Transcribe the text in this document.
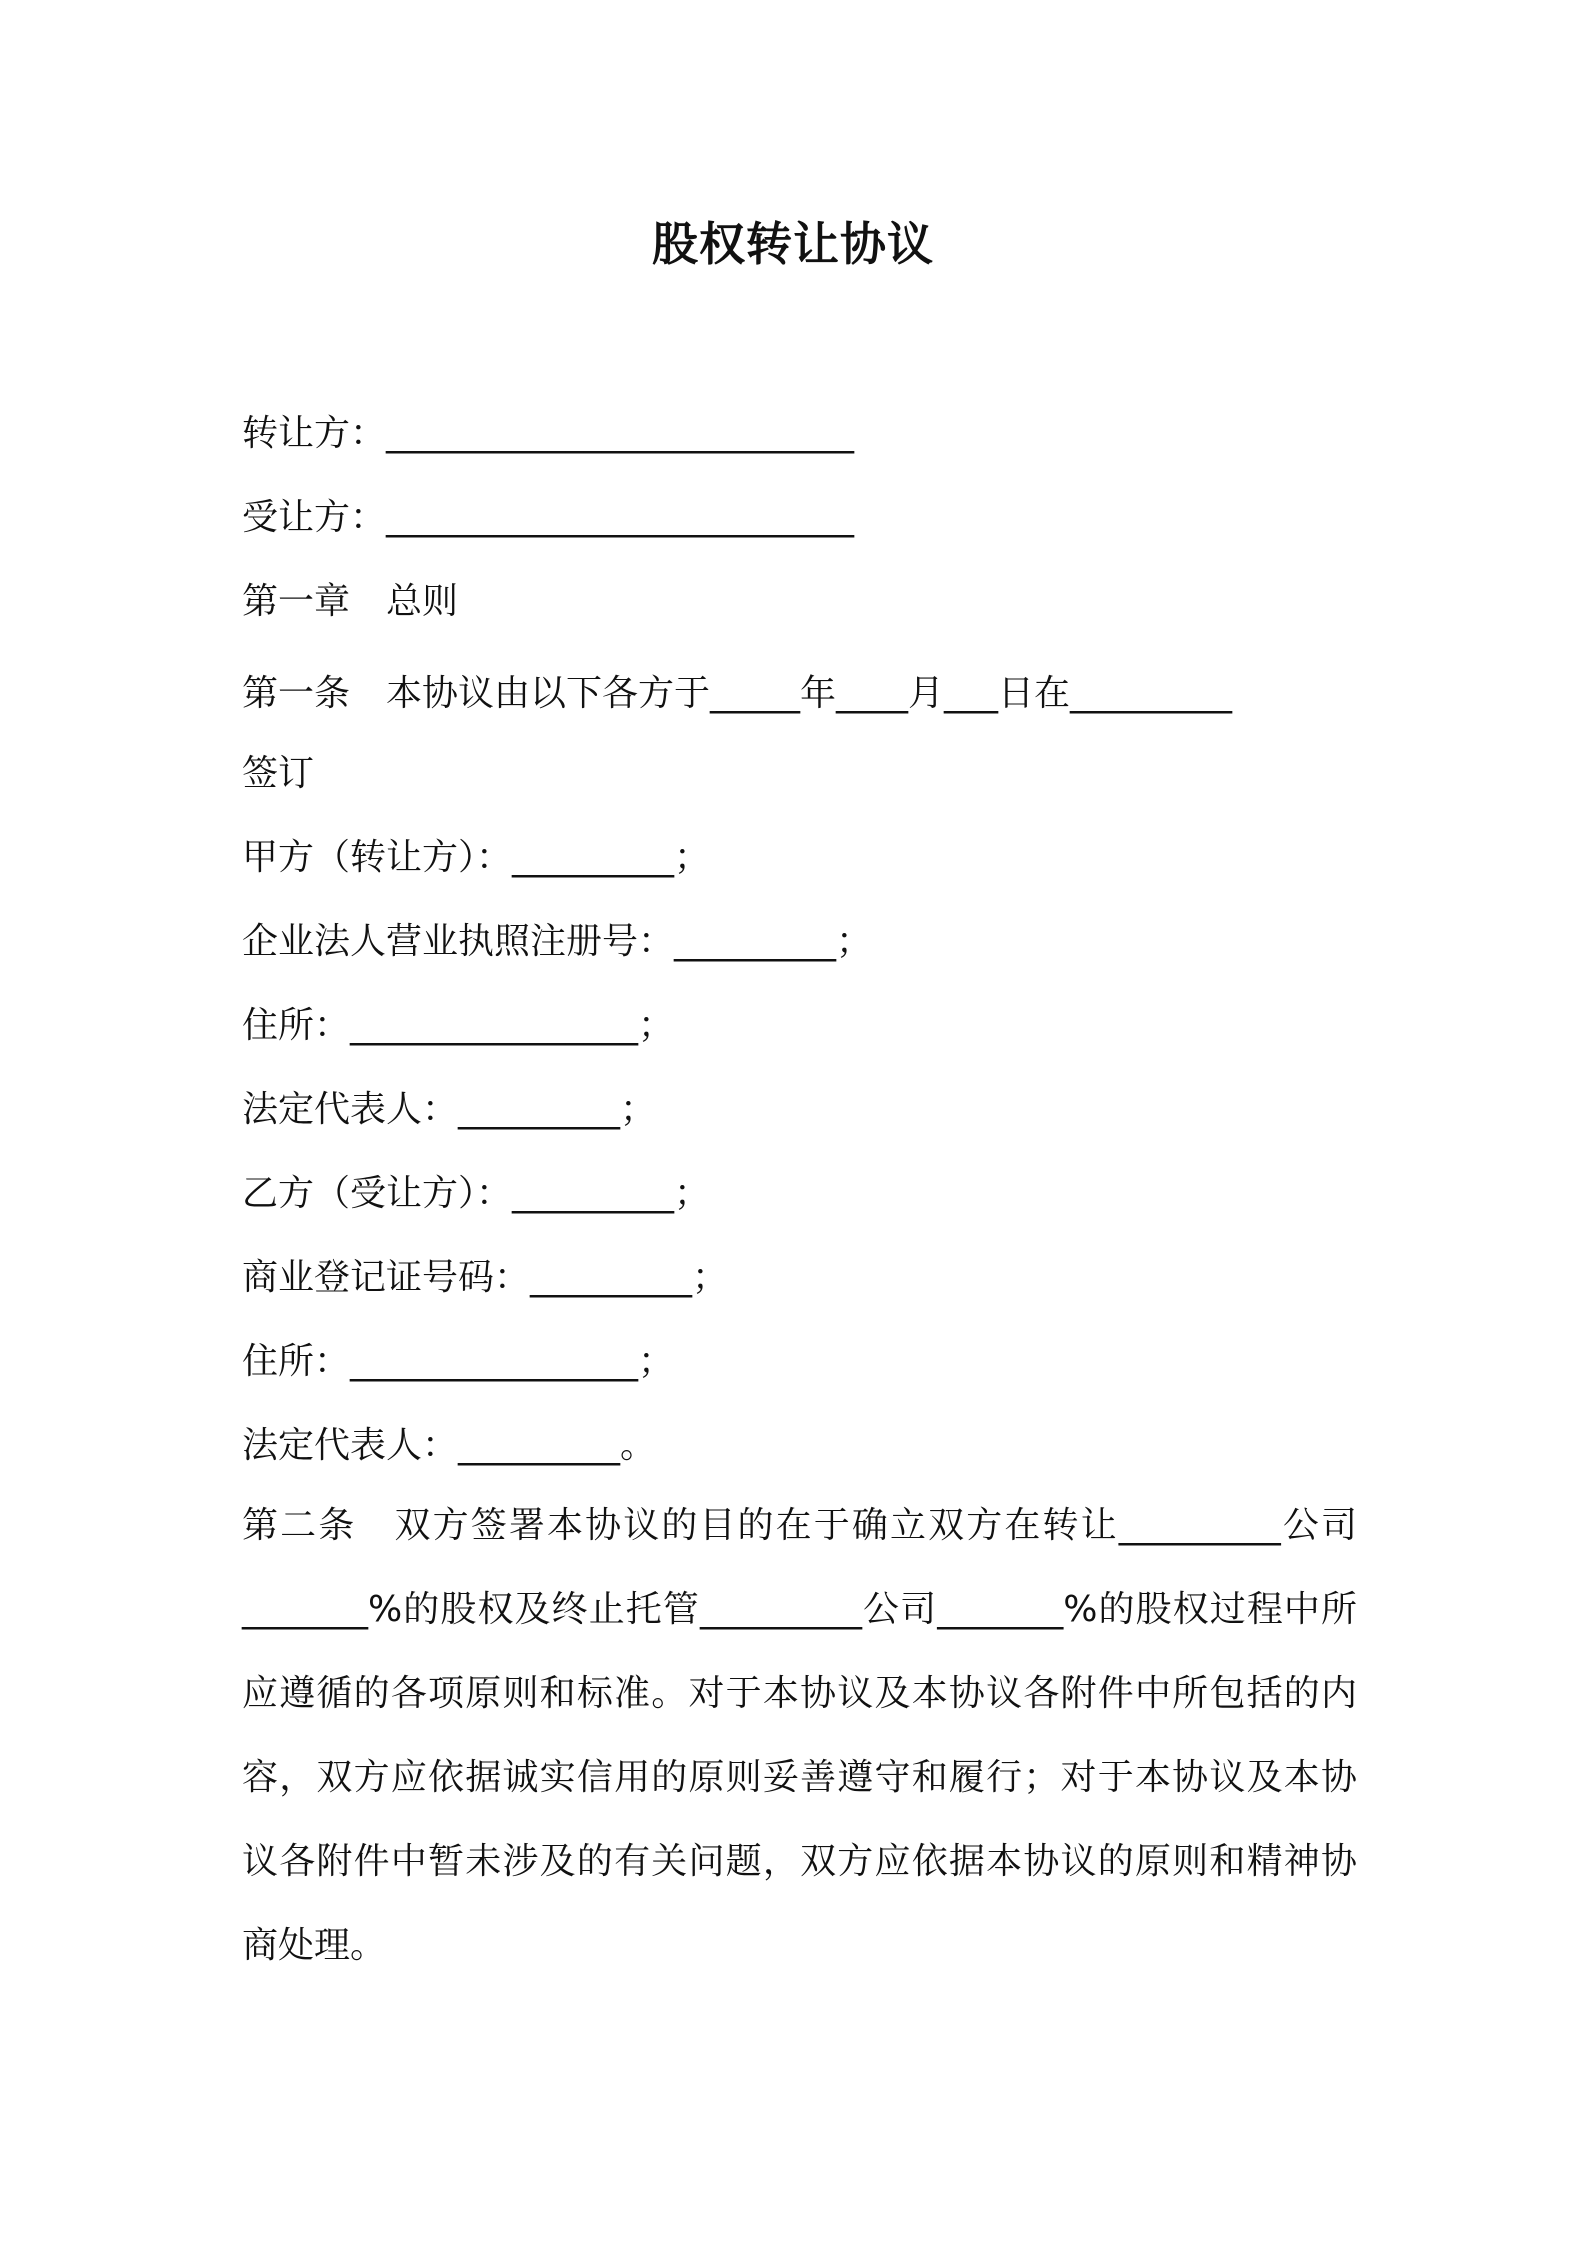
股权转让协议
转让方：__________________________
受让方：__________________________
第一章　总则
第一条　本协议由以下各方于_____年____月___日在_________
签订
甲方（转让方）：_________；
企业法人营业执照注册号：_________；
住所：________________；
法定代表人：_________；
乙方（受让方）：_________；
商业登记证号码：_________；
住所：________________；
法定代表人：_________。
第二条　双方签署本协议的目的在于确立双方在转让_________公司_______%的股权及终止托管_________公司_______%的股权过程中所应遵循的各项原则和标准。对于本协议及本协议各附件中所包括的内容，双方应依据诚实信用的原则妥善遵守和履行；对于本协议及本协议各附件中暂未涉及的有关问题，双方应依据本协议的原则和精神协商处理。
